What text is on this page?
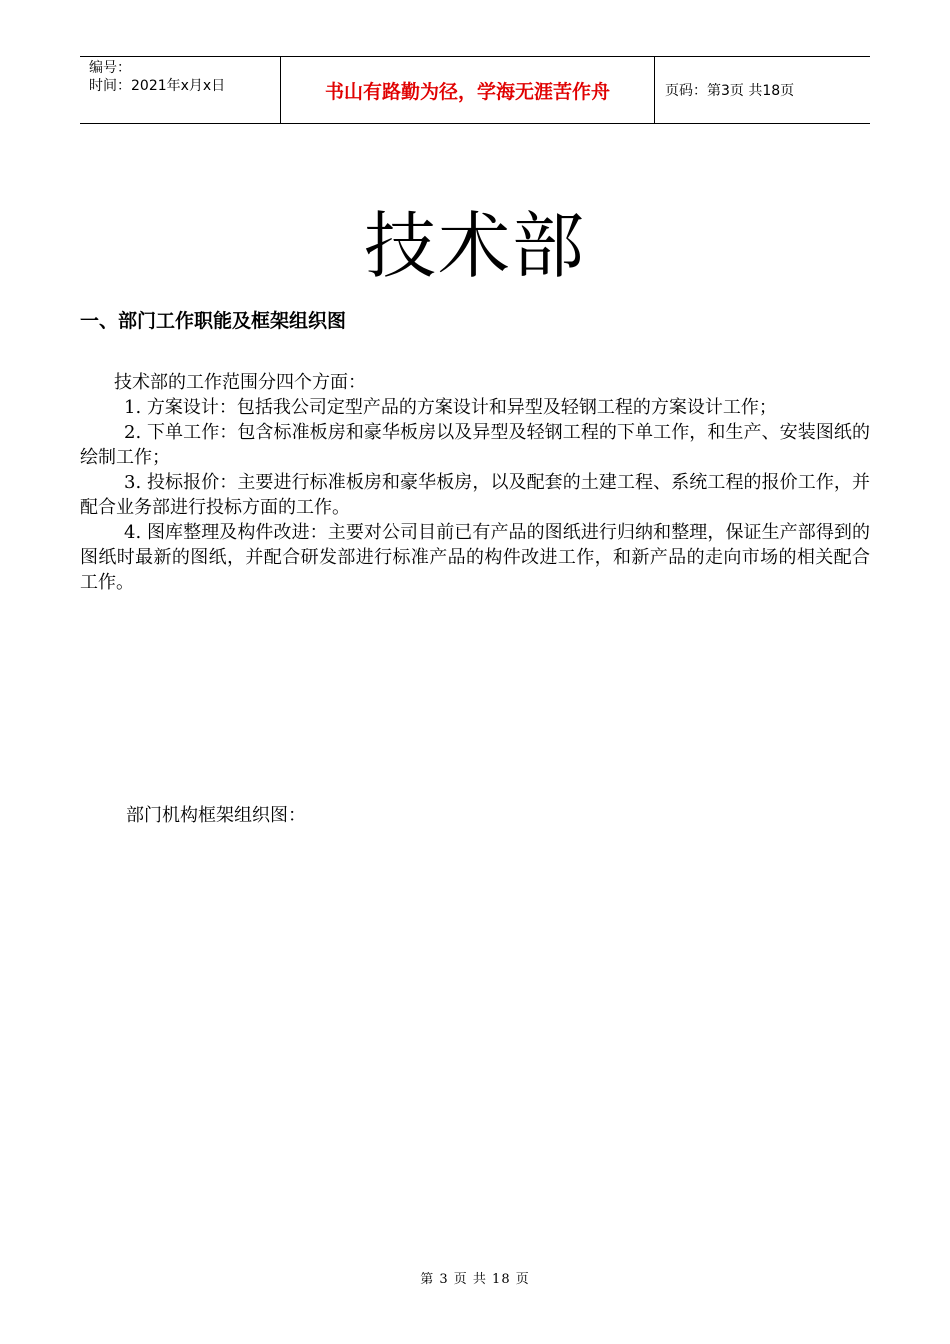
编号：
时间：2021年x月x日	书山有路勤为径，学海无涯苦作舟	页码：第3页 共18页
技术部
一、部门工作职能及框架组织图

技术部的工作范围分四个方面：

1. 方案设计：包括我公司定型产品的方案设计和异型及轻钢工程的方案设计工作；

2. 下单工作：包含标准板房和豪华板房以及异型及轻钢工程的下单工作，和生产、安装图纸的绘制工作；

3. 投标报价：主要进行标准板房和豪华板房，以及配套的土建工程、系统工程的报价工作，并配合业务部进行投标方面的工作。

4. 图库整理及构件改进：主要对公司目前已有产品的图纸进行归纳和整理，保证生产部得到的图纸时最新的图纸，并配合研发部进行标准产品的构件改进工作，和新产品的走向市场的相关配合工作。

部门机构框架组织图：
第 3 页 共 18 页
